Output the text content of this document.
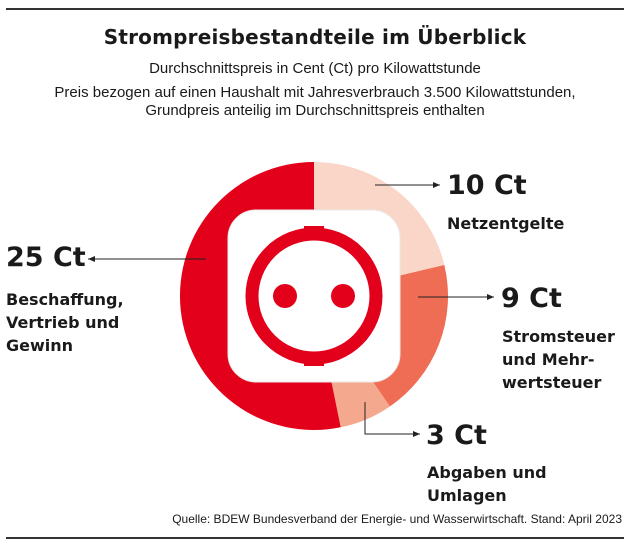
Strompreisbestandteile im Überblick
Durchschnittspreis in Cent (Ct) pro Kilowattstunde
Preis bezogen auf einen Haushalt mit Jahresverbrauch 3.500 Kilowattstunden,
Grundpreis anteilig im Durchschnittspreis enthalten
10 Ct
Netzentgelte
9 Ct
Stromsteuer
und Mehr-
wertsteuer
3 Ct
Abgaben und Umlagen
25 Ct
Beschaffung,
Vertrieb und
Gewinn
Quelle: BDEW Bundesverband der Energie- und Wasserwirtschaft. Stand: April 2023
